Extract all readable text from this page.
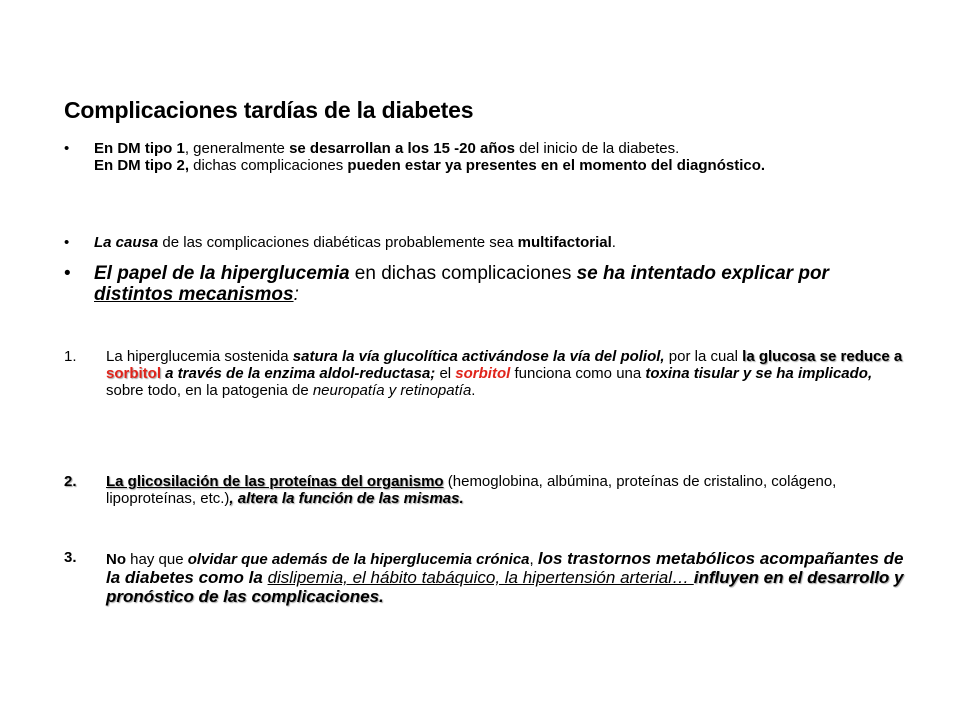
Complicaciones tardías de la diabetes
• En DM tipo 1, generalmente se desarrollan a los 15 -20 años del inicio de la diabetes.
En DM tipo 2, dichas complicaciones pueden estar ya presentes en el momento del diagnóstico.
• La causa de las complicaciones diabéticas probablemente sea multifactorial.
• El papel de la hiperglucemia en dichas complicaciones se ha intentado explicar por distintos mecanismos:
1.	La hiperglucemia sostenida satura la vía glucolítica activándose la vía del poliol, por la cual la glucosa se reduce a sorbitol a través de la enzima aldol-reductasa; el sorbitol funciona como una toxina tisular y se ha implicado, sobre todo, en la patogenia de neuropatía y retinopatía.
2.	La glicosilación de las proteínas del organismo (hemoglobina, albúmina, proteínas de cristalino, colágeno, lipoproteínas, etc.), altera la función de las mismas.
3.	No hay que olvidar que además de la hiperglucemia crónica, los trastornos metabólicos acompañantes de la diabetes como la dislipemia, el hábito tabáquico, la hipertensión arterial… influyen en el desarrollo y pronóstico de las complicaciones.
